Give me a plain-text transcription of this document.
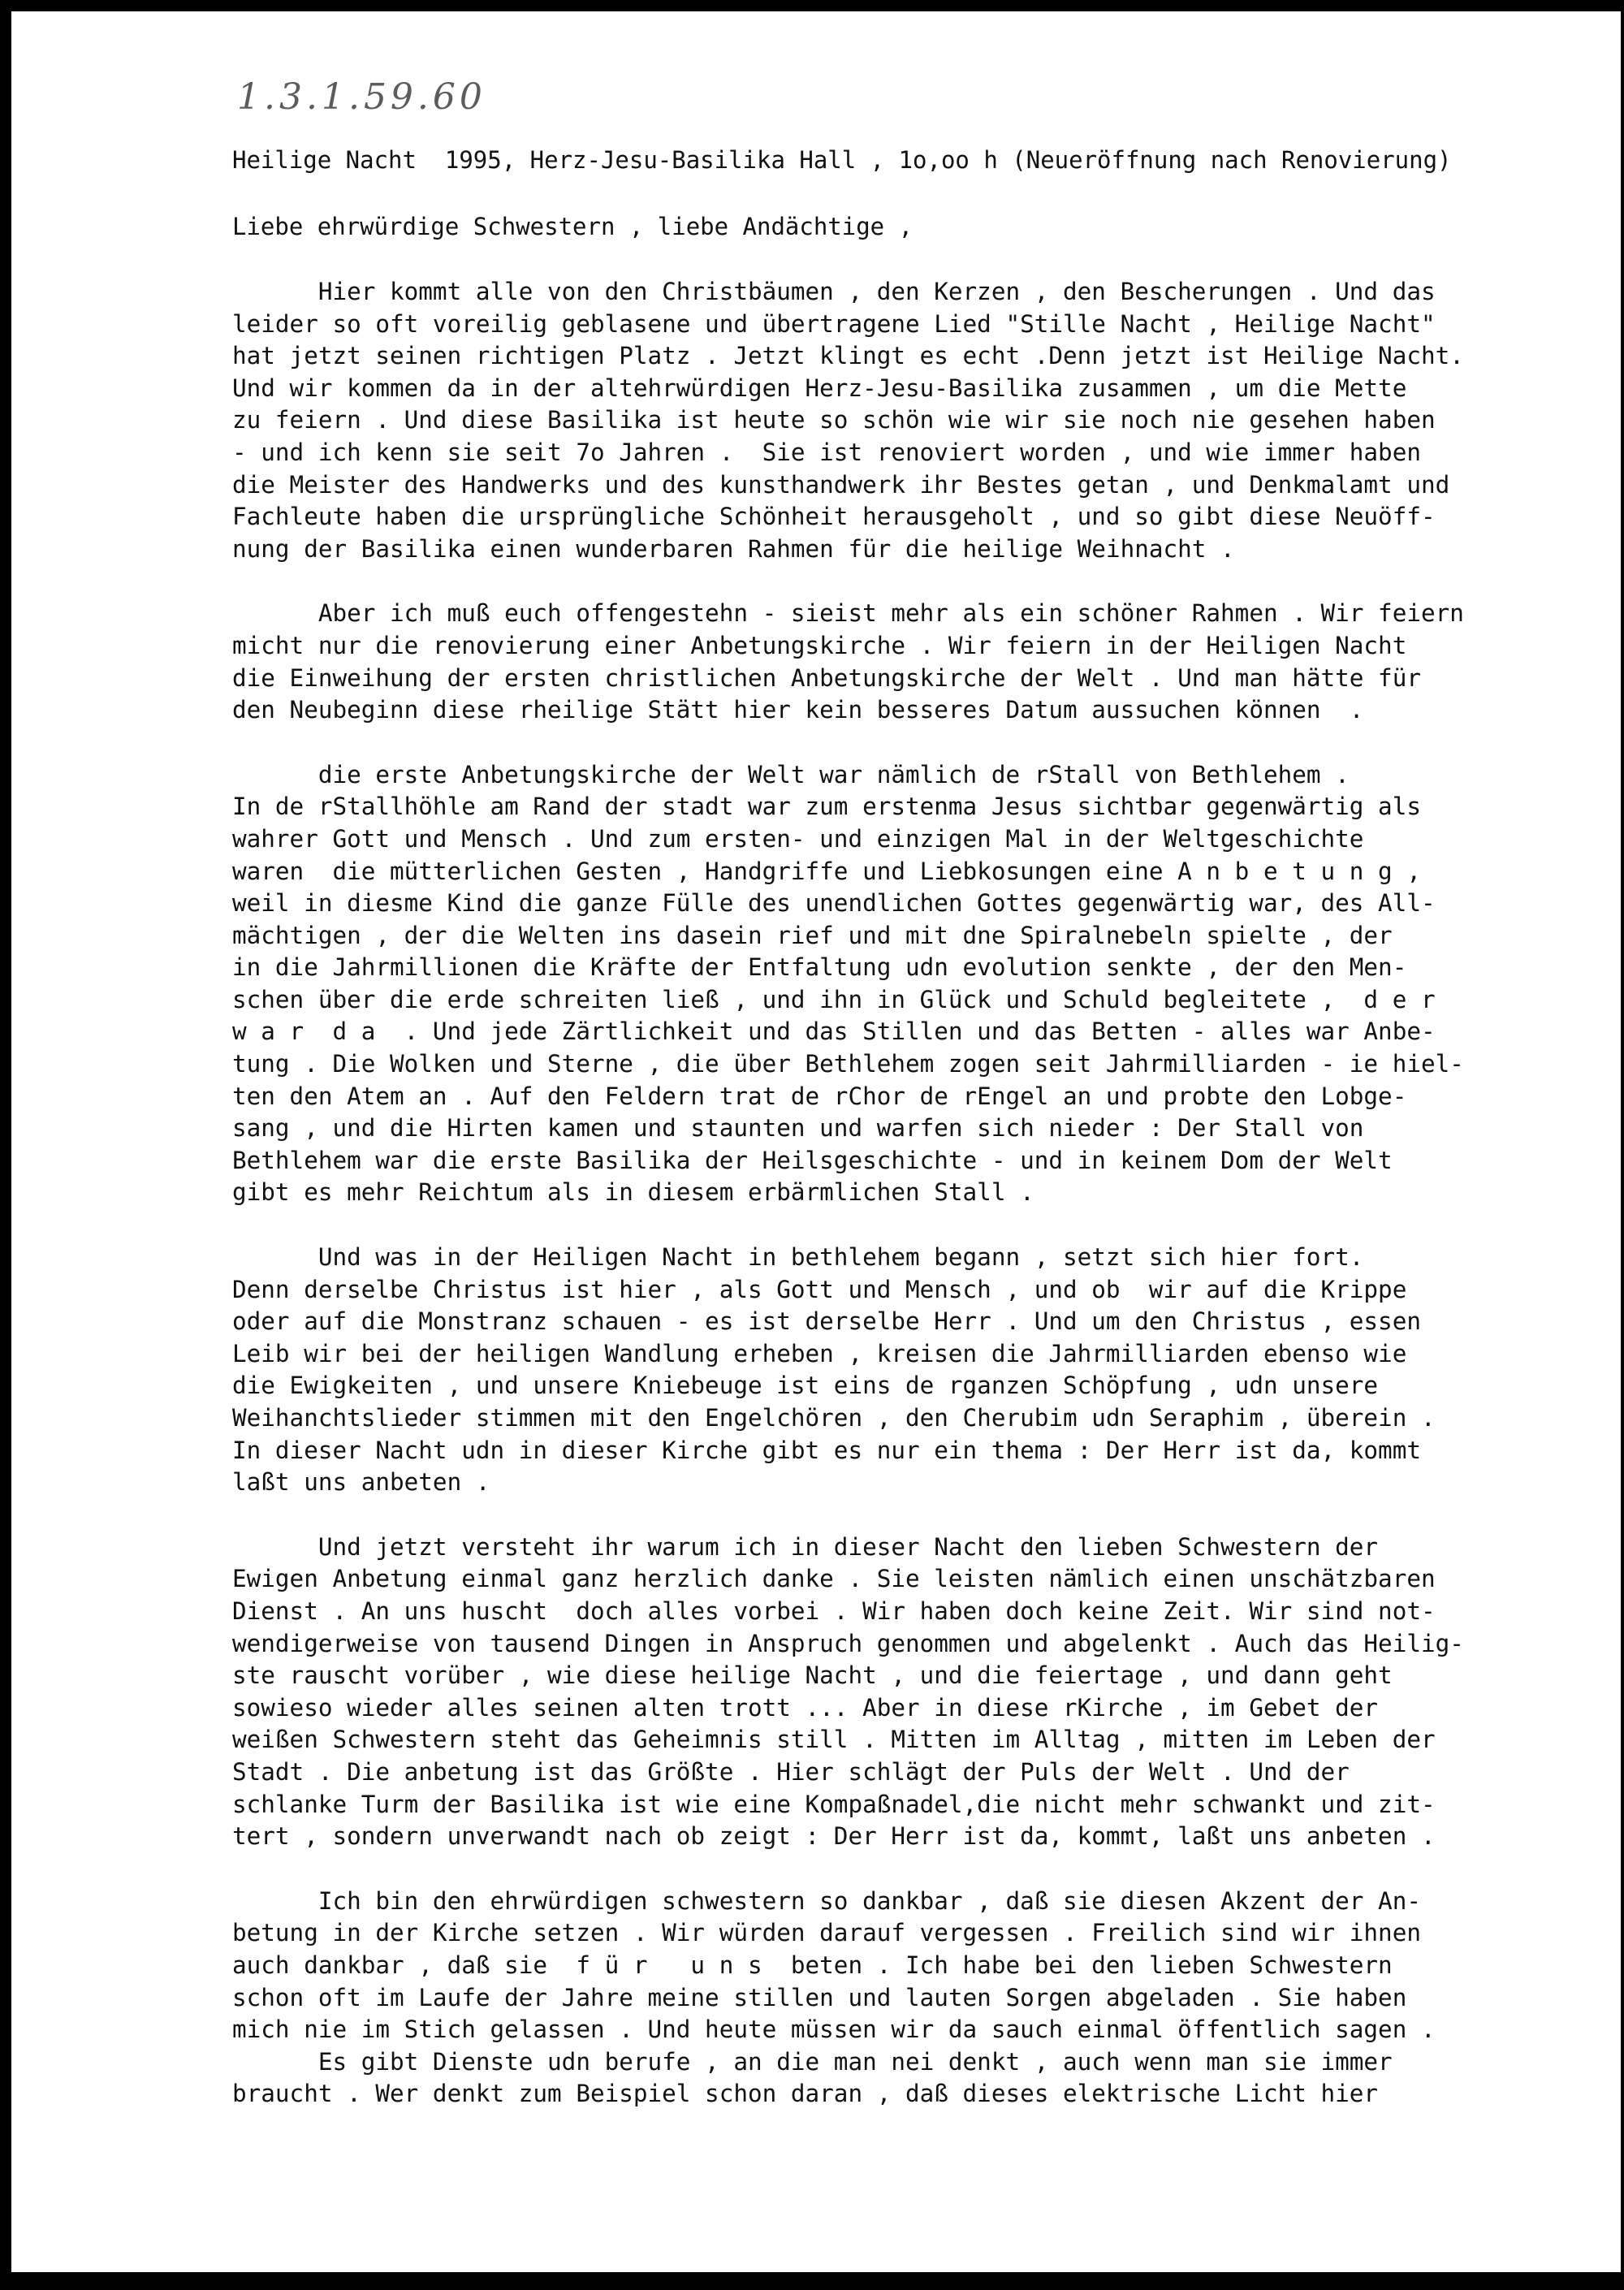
1.3.1.59.60
Heilige Nacht  1995, Herz-Jesu-Basilika Hall , 1o,oo h (Neueröffnung nach Renovierung)
Liebe ehrwürdige Schwestern , liebe Andächtige ,
Hier kommt alle von den Christbäumen , den Kerzen , den Bescherungen . Und das
leider so oft voreilig geblasene und übertragene Lied "Stille Nacht , Heilige Nacht"
hat jetzt seinen richtigen Platz . Jetzt klingt es echt .Denn jetzt ist Heilige Nacht.
Und wir kommen da in der altehrwürdigen Herz-Jesu-Basilika zusammen , um die Mette
zu feiern . Und diese Basilika ist heute so schön wie wir sie noch nie gesehen haben
- und ich kenn sie seit 7o Jahren .  Sie ist renoviert worden , und wie immer haben
die Meister des Handwerks und des kunsthandwerk ihr Bestes getan , und Denkmalamt und
Fachleute haben die ursprüngliche Schönheit herausgeholt , und so gibt diese Neuöff-
nung der Basilika einen wunderbaren Rahmen für die heilige Weihnacht .
Aber ich muß euch offengestehn - sieist mehr als ein schöner Rahmen . Wir feiern
micht nur die renovierung einer Anbetungskirche . Wir feiern in der Heiligen Nacht
die Einweihung der ersten christlichen Anbetungskirche der Welt . Und man hätte für
den Neubeginn diese rheilige Stätt hier kein besseres Datum aussuchen können  .
die erste Anbetungskirche der Welt war nämlich de rStall von Bethlehem .
In de rStallhöhle am Rand der stadt war zum erstenma Jesus sichtbar gegenwärtig als
wahrer Gott und Mensch . Und zum ersten- und einzigen Mal in der Weltgeschichte
waren  die mütterlichen Gesten , Handgriffe und Liebkosungen eine A n b e t u n g ,
weil in diesme Kind die ganze Fülle des unendlichen Gottes gegenwärtig war, des All-
mächtigen , der die Welten ins dasein rief und mit dne Spiralnebeln spielte , der
in die Jahrmillionen die Kräfte der Entfaltung udn evolution senkte , der den Men-
schen über die erde schreiten ließ , und ihn in Glück und Schuld begleitete ,  d e r
w a r  d a  . Und jede Zärtlichkeit und das Stillen und das Betten - alles war Anbe-
tung . Die Wolken und Sterne , die über Bethlehem zogen seit Jahrmilliarden - ie hiel-
ten den Atem an . Auf den Feldern trat de rChor de rEngel an und probte den Lobge-
sang , und die Hirten kamen und staunten und warfen sich nieder : Der Stall von
Bethlehem war die erste Basilika der Heilsgeschichte - und in keinem Dom der Welt
gibt es mehr Reichtum als in diesem erbärmlichen Stall .
Und was in der Heiligen Nacht in bethlehem begann , setzt sich hier fort.
Denn derselbe Christus ist hier , als Gott und Mensch , und ob  wir auf die Krippe
oder auf die Monstranz schauen - es ist derselbe Herr . Und um den Christus , essen
Leib wir bei der heiligen Wandlung erheben , kreisen die Jahrmilliarden ebenso wie
die Ewigkeiten , und unsere Kniebeuge ist eins de rganzen Schöpfung , udn unsere
Weihanchtslieder stimmen mit den Engelchören , den Cherubim udn Seraphim , überein .
In dieser Nacht udn in dieser Kirche gibt es nur ein thema : Der Herr ist da, kommt
laßt uns anbeten .
Und jetzt versteht ihr warum ich in dieser Nacht den lieben Schwestern der
Ewigen Anbetung einmal ganz herzlich danke . Sie leisten nämlich einen unschätzbaren
Dienst . An uns huscht  doch alles vorbei . Wir haben doch keine Zeit. Wir sind not-
wendigerweise von tausend Dingen in Anspruch genommen und abgelenkt . Auch das Heilig-
ste rauscht vorüber , wie diese heilige Nacht , und die feiertage , und dann geht
sowieso wieder alles seinen alten trott ... Aber in diese rKirche , im Gebet der
weißen Schwestern steht das Geheimnis still . Mitten im Alltag , mitten im Leben der
Stadt . Die anbetung ist das Größte . Hier schlägt der Puls der Welt . Und der
schlanke Turm der Basilika ist wie eine Kompaßnadel,die nicht mehr schwankt und zit-
tert , sondern unverwandt nach ob zeigt : Der Herr ist da, kommt, laßt uns anbeten .
Ich bin den ehrwürdigen schwestern so dankbar , daß sie diesen Akzent der An-
betung in der Kirche setzen . Wir würden darauf vergessen . Freilich sind wir ihnen
auch dankbar , daß sie  f ü r   u n s  beten . Ich habe bei den lieben Schwestern
schon oft im Laufe der Jahre meine stillen und lauten Sorgen abgeladen . Sie haben
mich nie im Stich gelassen . Und heute müssen wir da sauch einmal öffentlich sagen .
Es gibt Dienste udn berufe , an die man nei denkt , auch wenn man sie immer
braucht . Wer denkt zum Beispiel schon daran , daß dieses elektrische Licht hier
